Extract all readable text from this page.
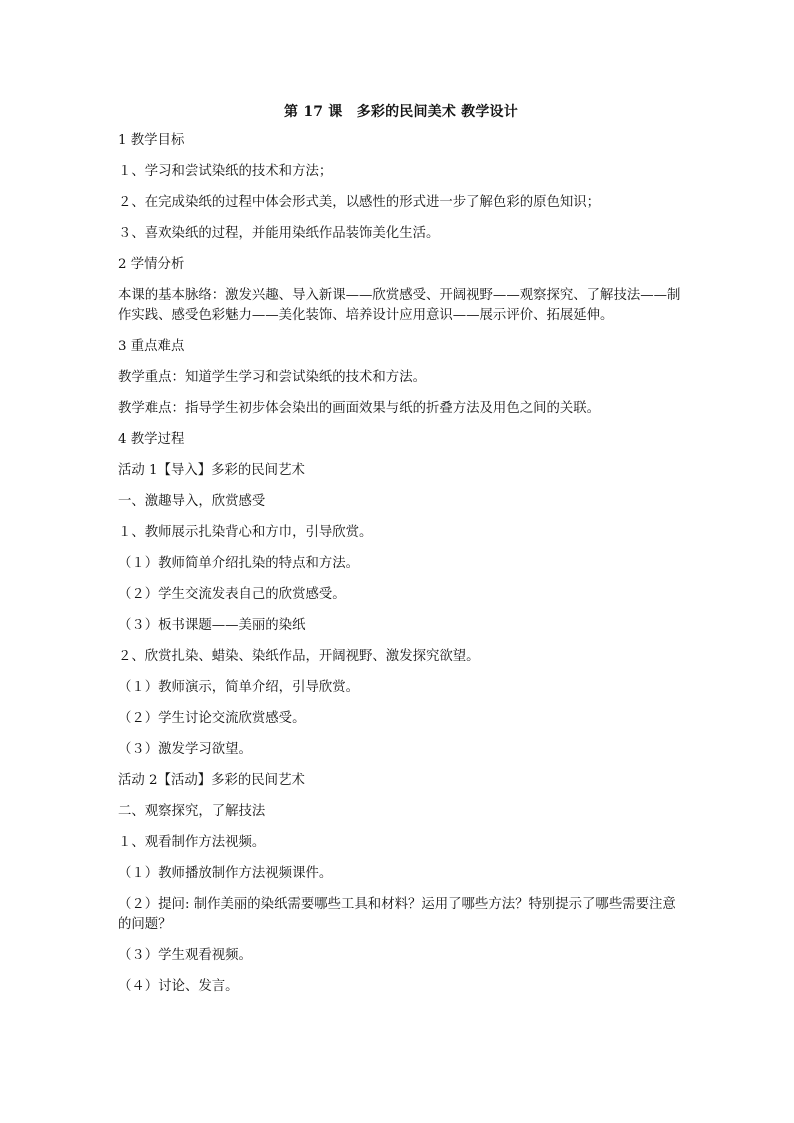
第 17 课　多彩的民间美术 教学设计
1 教学目标
１、学习和尝试染纸的技术和方法；
２、在完成染纸的过程中体会形式美，以感性的形式进一步了解色彩的原色知识；
３、喜欢染纸的过程，并能用染纸作品装饰美化生活。
2 学情分析
本课的基本脉络：激发兴趣、导入新课——欣赏感受、开阔视野——观察探究、了解技法——制作实践、感受色彩魅力——美化装饰、培养设计应用意识——展示评价、拓展延伸。
3 重点难点
教学重点：知道学生学习和尝试染纸的技术和方法。
教学难点：指导学生初步体会染出的画面效果与纸的折叠方法及用色之间的关联。
4 教学过程
活动 1【导入】多彩的民间艺术
一、激趣导入，欣赏感受
１、教师展示扎染背心和方巾，引导欣赏。
（１）教师简单介绍扎染的特点和方法。
（２）学生交流发表自己的欣赏感受。
（３）板书课题——美丽的染纸
２、欣赏扎染、蜡染、染纸作品，开阔视野、激发探究欲望。
（１）教师演示，简单介绍，引导欣赏。
（２）学生讨论交流欣赏感受。
（３）激发学习欲望。
活动 2【活动】多彩的民间艺术
二、观察探究，了解技法
１、观看制作方法视频。
（１）教师播放制作方法视频课件。
（２）提问: 制作美丽的染纸需要哪些工具和材料？运用了哪些方法？特别提示了哪些需要注意的问题？
（３）学生观看视频。
（４）讨论、发言。
